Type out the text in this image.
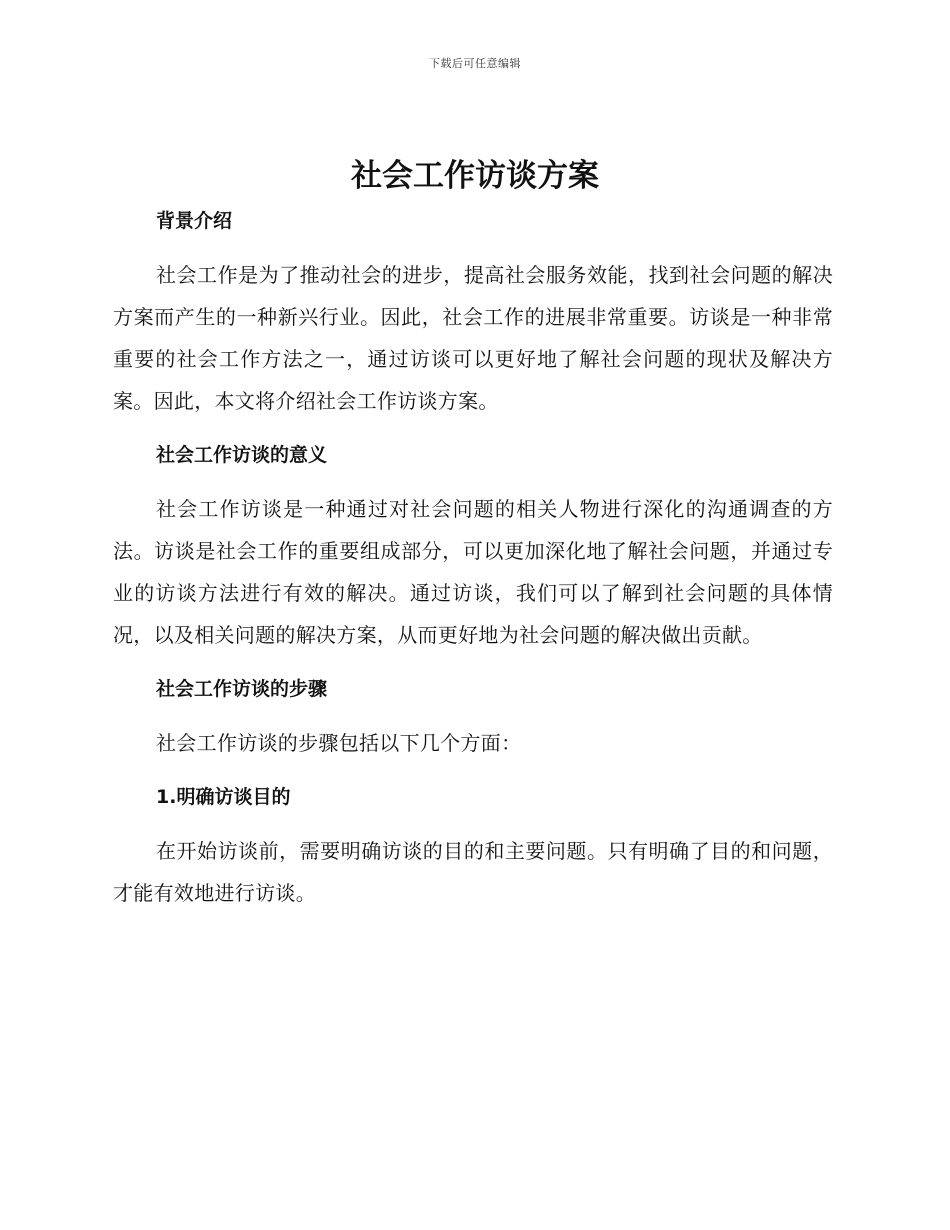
下载后可任意编辑
社会工作访谈方案

背景介绍

社会工作是为了推动社会的进步，提高社会服务效能，找到社会问题的解决方案而产生的一种新兴行业。因此，社会工作的进展非常重要。访谈是一种非常重要的社会工作方法之一，通过访谈可以更好地了解社会问题的现状及解决方案。因此，本文将介绍社会工作访谈方案。

社会工作访谈的意义

社会工作访谈是一种通过对社会问题的相关人物进行深化的沟通调查的方法。访谈是社会工作的重要组成部分，可以更加深化地了解社会问题，并通过专业的访谈方法进行有效的解决。通过访谈，我们可以了解到社会问题的具体情况，以及相关问题的解决方案，从而更好地为社会问题的解决做出贡献。

社会工作访谈的步骤

社会工作访谈的步骤包括以下几个方面：

1.明确访谈目的

在开始访谈前，需要明确访谈的目的和主要问题。只有明确了目的和问题，才能有效地进行访谈。
